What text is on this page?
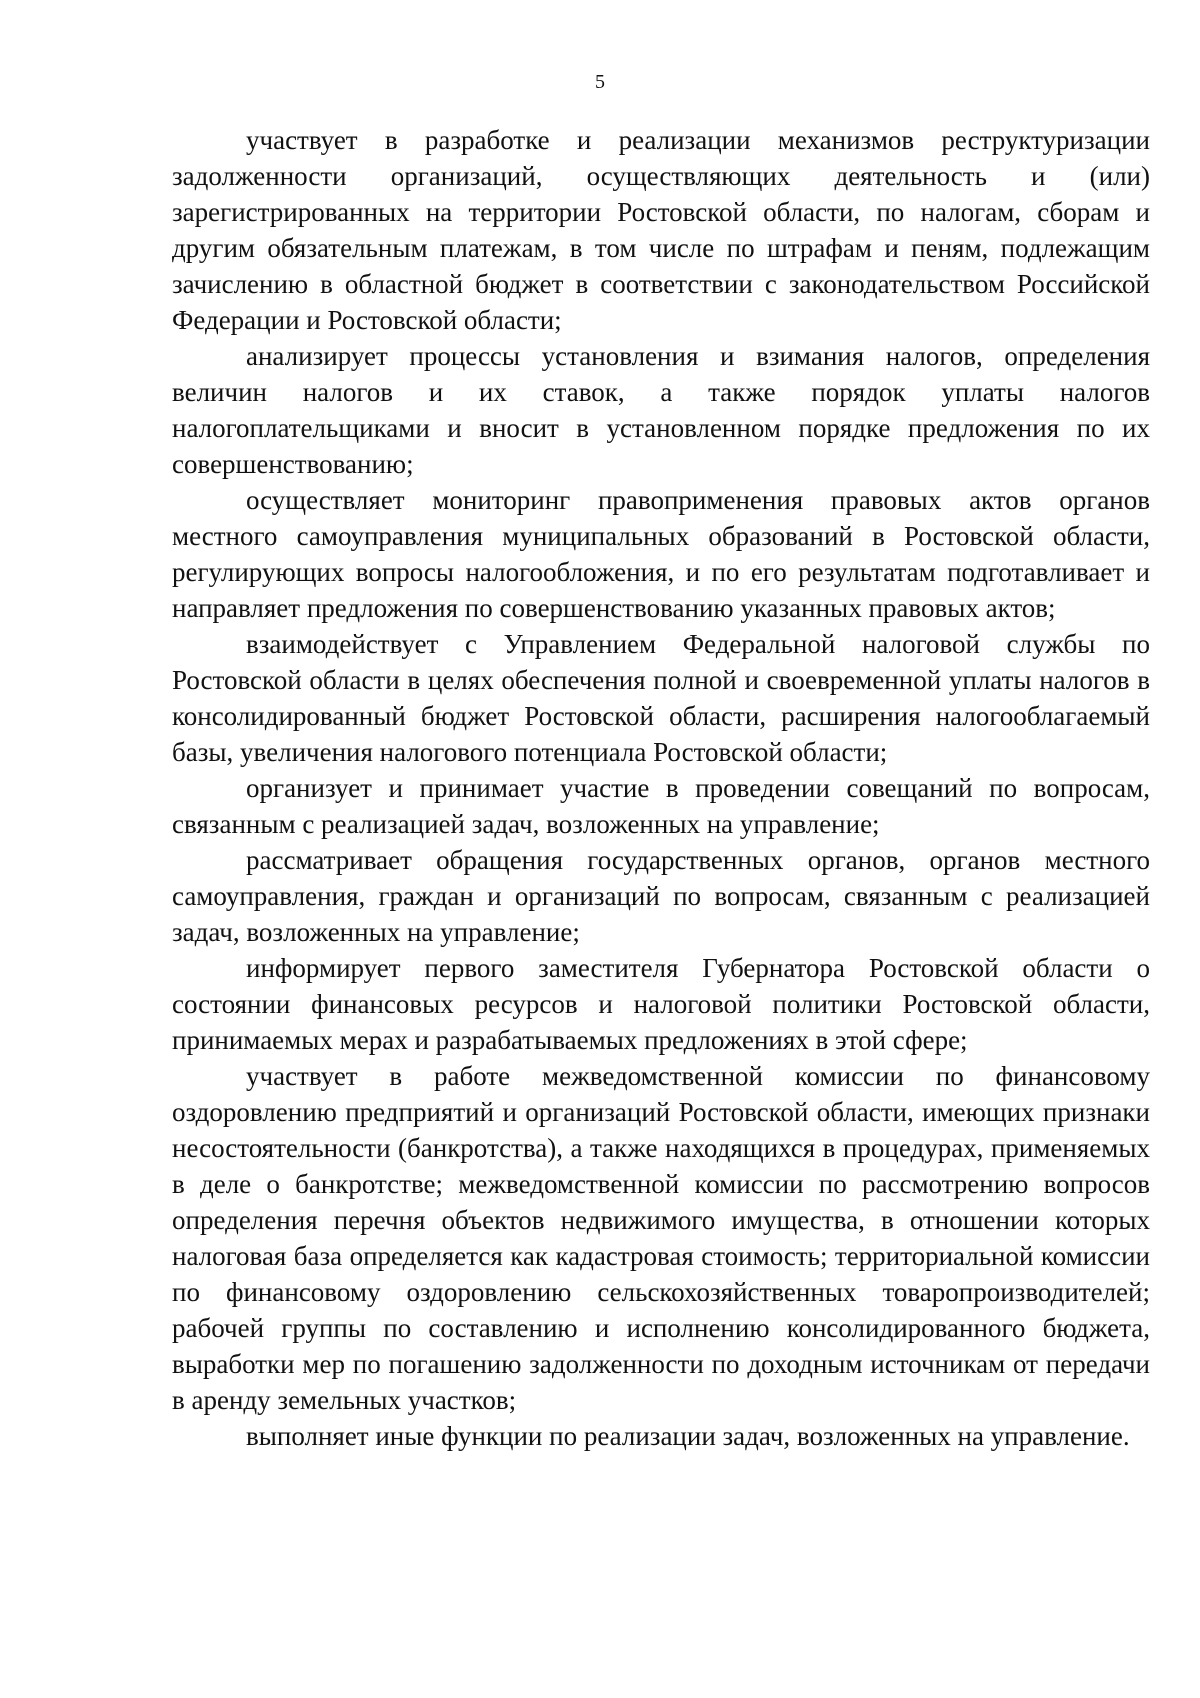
5

участвует в разработке и реализации механизмов реструктуризации задолженности организаций, осуществляющих деятельность и (или) зарегистрированных на территории Ростовской области, по налогам, сборам и другим обязательным платежам, в том числе по штрафам и пеням, подлежащим зачислению в областной бюджет в соответствии с законодательством Российской Федерации и Ростовской области;

анализирует процессы установления и взимания налогов, определения величин налогов и их ставок, а также порядок уплаты налогов налогоплательщиками и вносит в установленном порядке предложения по их совершенствованию;

осуществляет мониторинг правоприменения правовых актов органов местного самоуправления муниципальных образований в Ростовской области, регулирующих вопросы налогообложения, и по его результатам подготавливает и направляет предложения по совершенствованию указанных правовых актов;

взаимодействует с Управлением Федеральной налоговой службы по Ростовской области в целях обеспечения полной и своевременной уплаты налогов в консолидированный бюджет Ростовской области, расширения налогооблагаемый базы, увеличения налогового потенциала Ростовской области;

организует и принимает участие в проведении совещаний по вопросам, связанным с реализацией задач, возложенных на управление;

рассматривает обращения государственных органов, органов местного самоуправления, граждан и организаций по вопросам, связанным с реализацией задач, возложенных на управление;

информирует первого заместителя Губернатора Ростовской области о состоянии финансовых ресурсов и налоговой политики Ростовской области, принимаемых мерах и разрабатываемых предложениях в этой сфере;

участвует в работе межведомственной комиссии по финансовому оздоровлению предприятий и организаций Ростовской области, имеющих признаки несостоятельности (банкротства), а также находящихся в процедурах, применяемых в деле о банкротстве; межведомственной комиссии по рассмотрению вопросов определения перечня объектов недвижимого имущества, в отношении которых налоговая база определяется как кадастровая стоимость; территориальной комиссии по финансовому оздоровлению сельскохозяйственных товаропроизводителей; рабочей группы по составлению и исполнению консолидированного бюджета, выработки мер по погашению задолженности по доходным источникам от передачи в аренду земельных участков;

выполняет иные функции по реализации задач, возложенных на управление.
